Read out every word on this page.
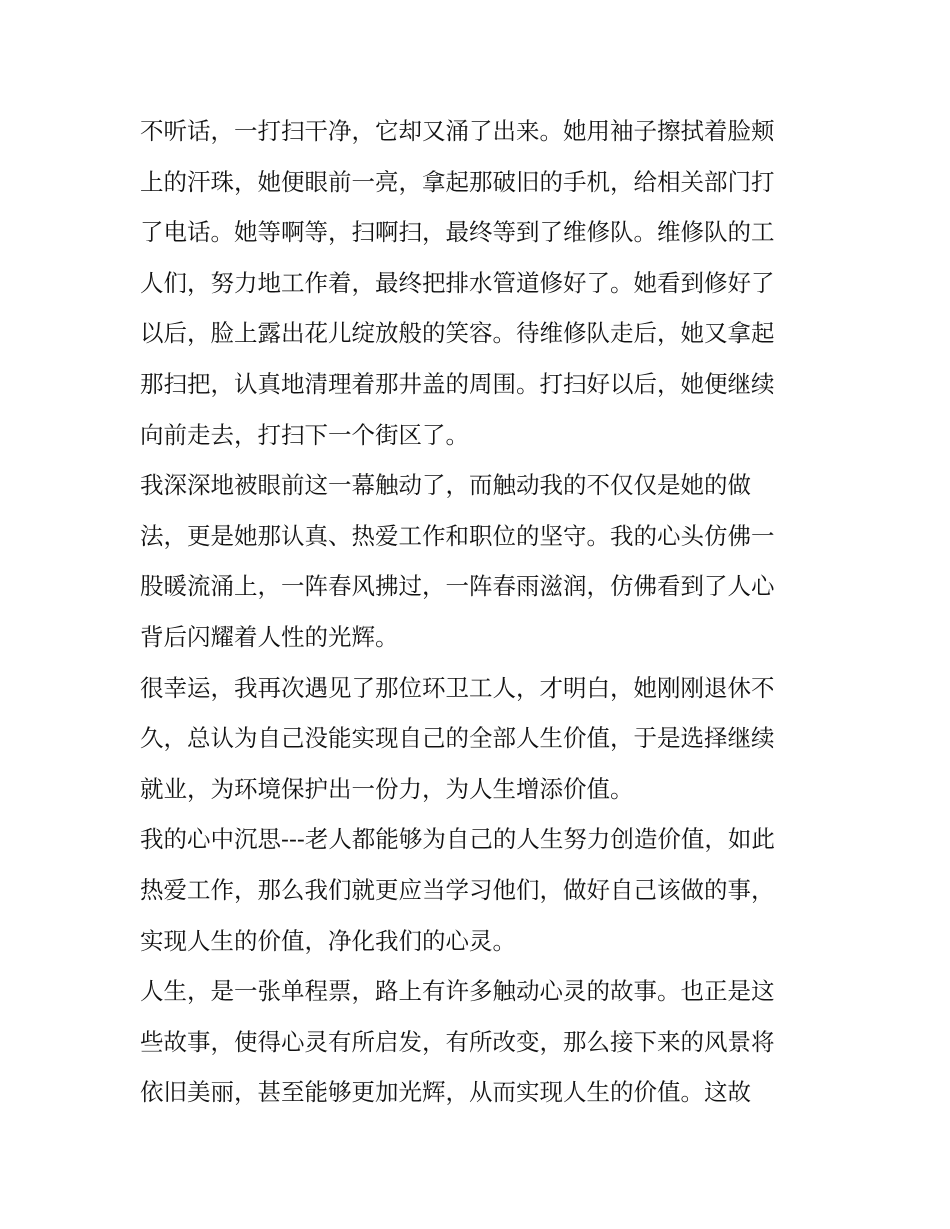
不听话，一打扫干净，它却又涌了出来。她用袖子擦拭着脸颊
上的汗珠，她便眼前一亮，拿起那破旧的手机，给相关部门打
了电话。她等啊等，扫啊扫，最终等到了维修队。维修队的工
人们，努力地工作着，最终把排水管道修好了。她看到修好了
以后，脸上露出花儿绽放般的笑容。待维修队走后，她又拿起
那扫把，认真地清理着那井盖的周围。打扫好以后，她便继续
向前走去，打扫下一个街区了。
我深深地被眼前这一幕触动了，而触动我的不仅仅是她的做
法，更是她那认真、热爱工作和职位的坚守。我的心头仿佛一
股暖流涌上，一阵春风拂过，一阵春雨滋润，仿佛看到了人心
背后闪耀着人性的光辉。
很幸运，我再次遇见了那位环卫工人，才明白，她刚刚退休不
久，总认为自己没能实现自己的全部人生价值，于是选择继续
就业，为环境保护出一份力，为人生增添价值。
我的心中沉思---老人都能够为自己的人生努力创造价值，如此
热爱工作，那么我们就更应当学习他们，做好自己该做的事，
实现人生的价值，净化我们的心灵。
人生，是一张单程票，路上有许多触动心灵的故事。也正是这
些故事，使得心灵有所启发，有所改变，那么接下来的风景将
依旧美丽，甚至能够更加光辉，从而实现人生的价值。这故
